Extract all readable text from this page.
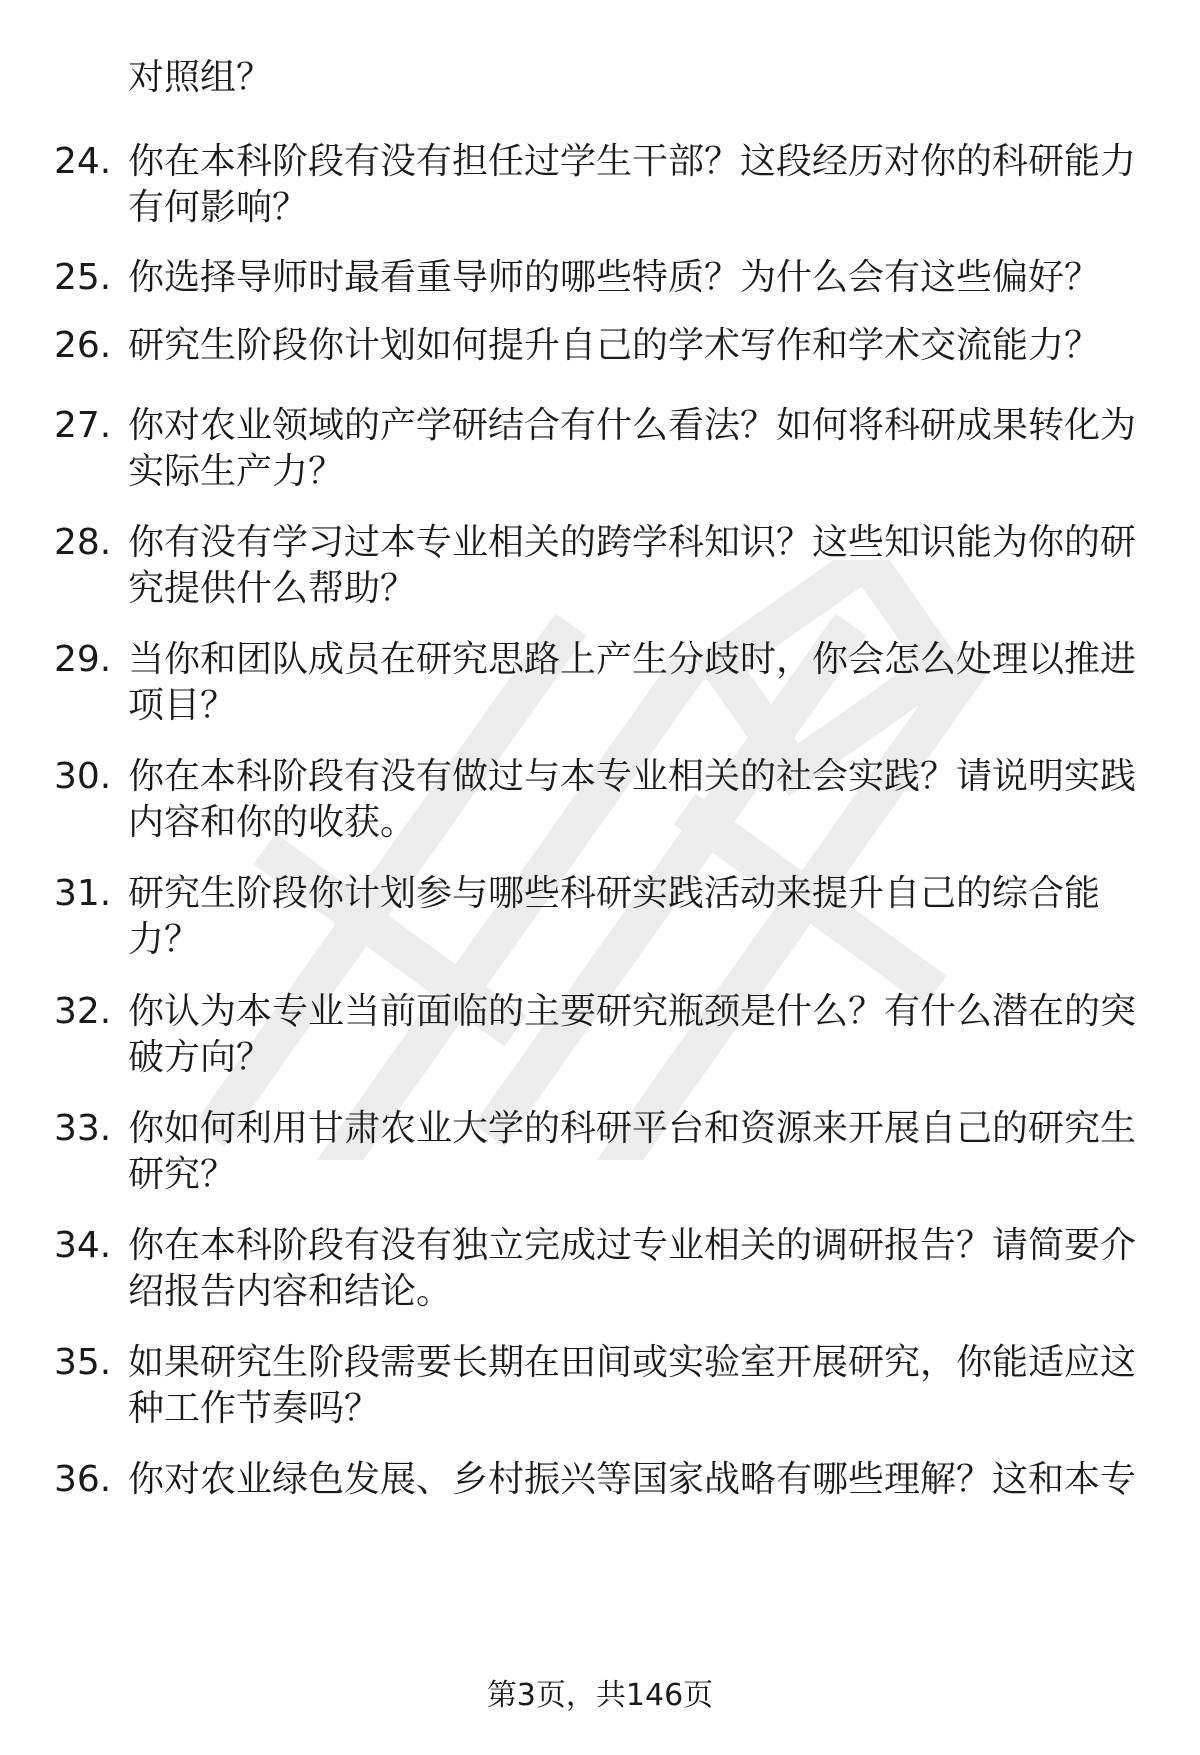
对照组？
24. 你在本科阶段有没有担任过学生干部？这段经历对你的科研能力
有何影响？
25. 你选择导师时最看重导师的哪些特质？为什么会有这些偏好？
26. 研究生阶段你计划如何提升自己的学术写作和学术交流能力？
27. 你对农业领域的产学研结合有什么看法？如何将科研成果转化为
实际生产力？
28. 你有没有学习过本专业相关的跨学科知识？这些知识能为你的研
究提供什么帮助？
29. 当你和团队成员在研究思路上产生分歧时，你会怎么处理以推进
项目？
30. 你在本科阶段有没有做过与本专业相关的社会实践？请说明实践
内容和你的收获。
31. 研究生阶段你计划参与哪些科研实践活动来提升自己的综合能
力？
32. 你认为本专业当前面临的主要研究瓶颈是什么？有什么潜在的突
破方向？
33. 你如何利用甘肃农业大学的科研平台和资源来开展自己的研究生
研究？
34. 你在本科阶段有没有独立完成过专业相关的调研报告？请简要介
绍报告内容和结论。
35. 如果研究生阶段需要长期在田间或实验室开展研究，你能适应这
种工作节奏吗？
36. 你对农业绿色发展、乡村振兴等国家战略有哪些理解？这和本专
第3页，共146页
